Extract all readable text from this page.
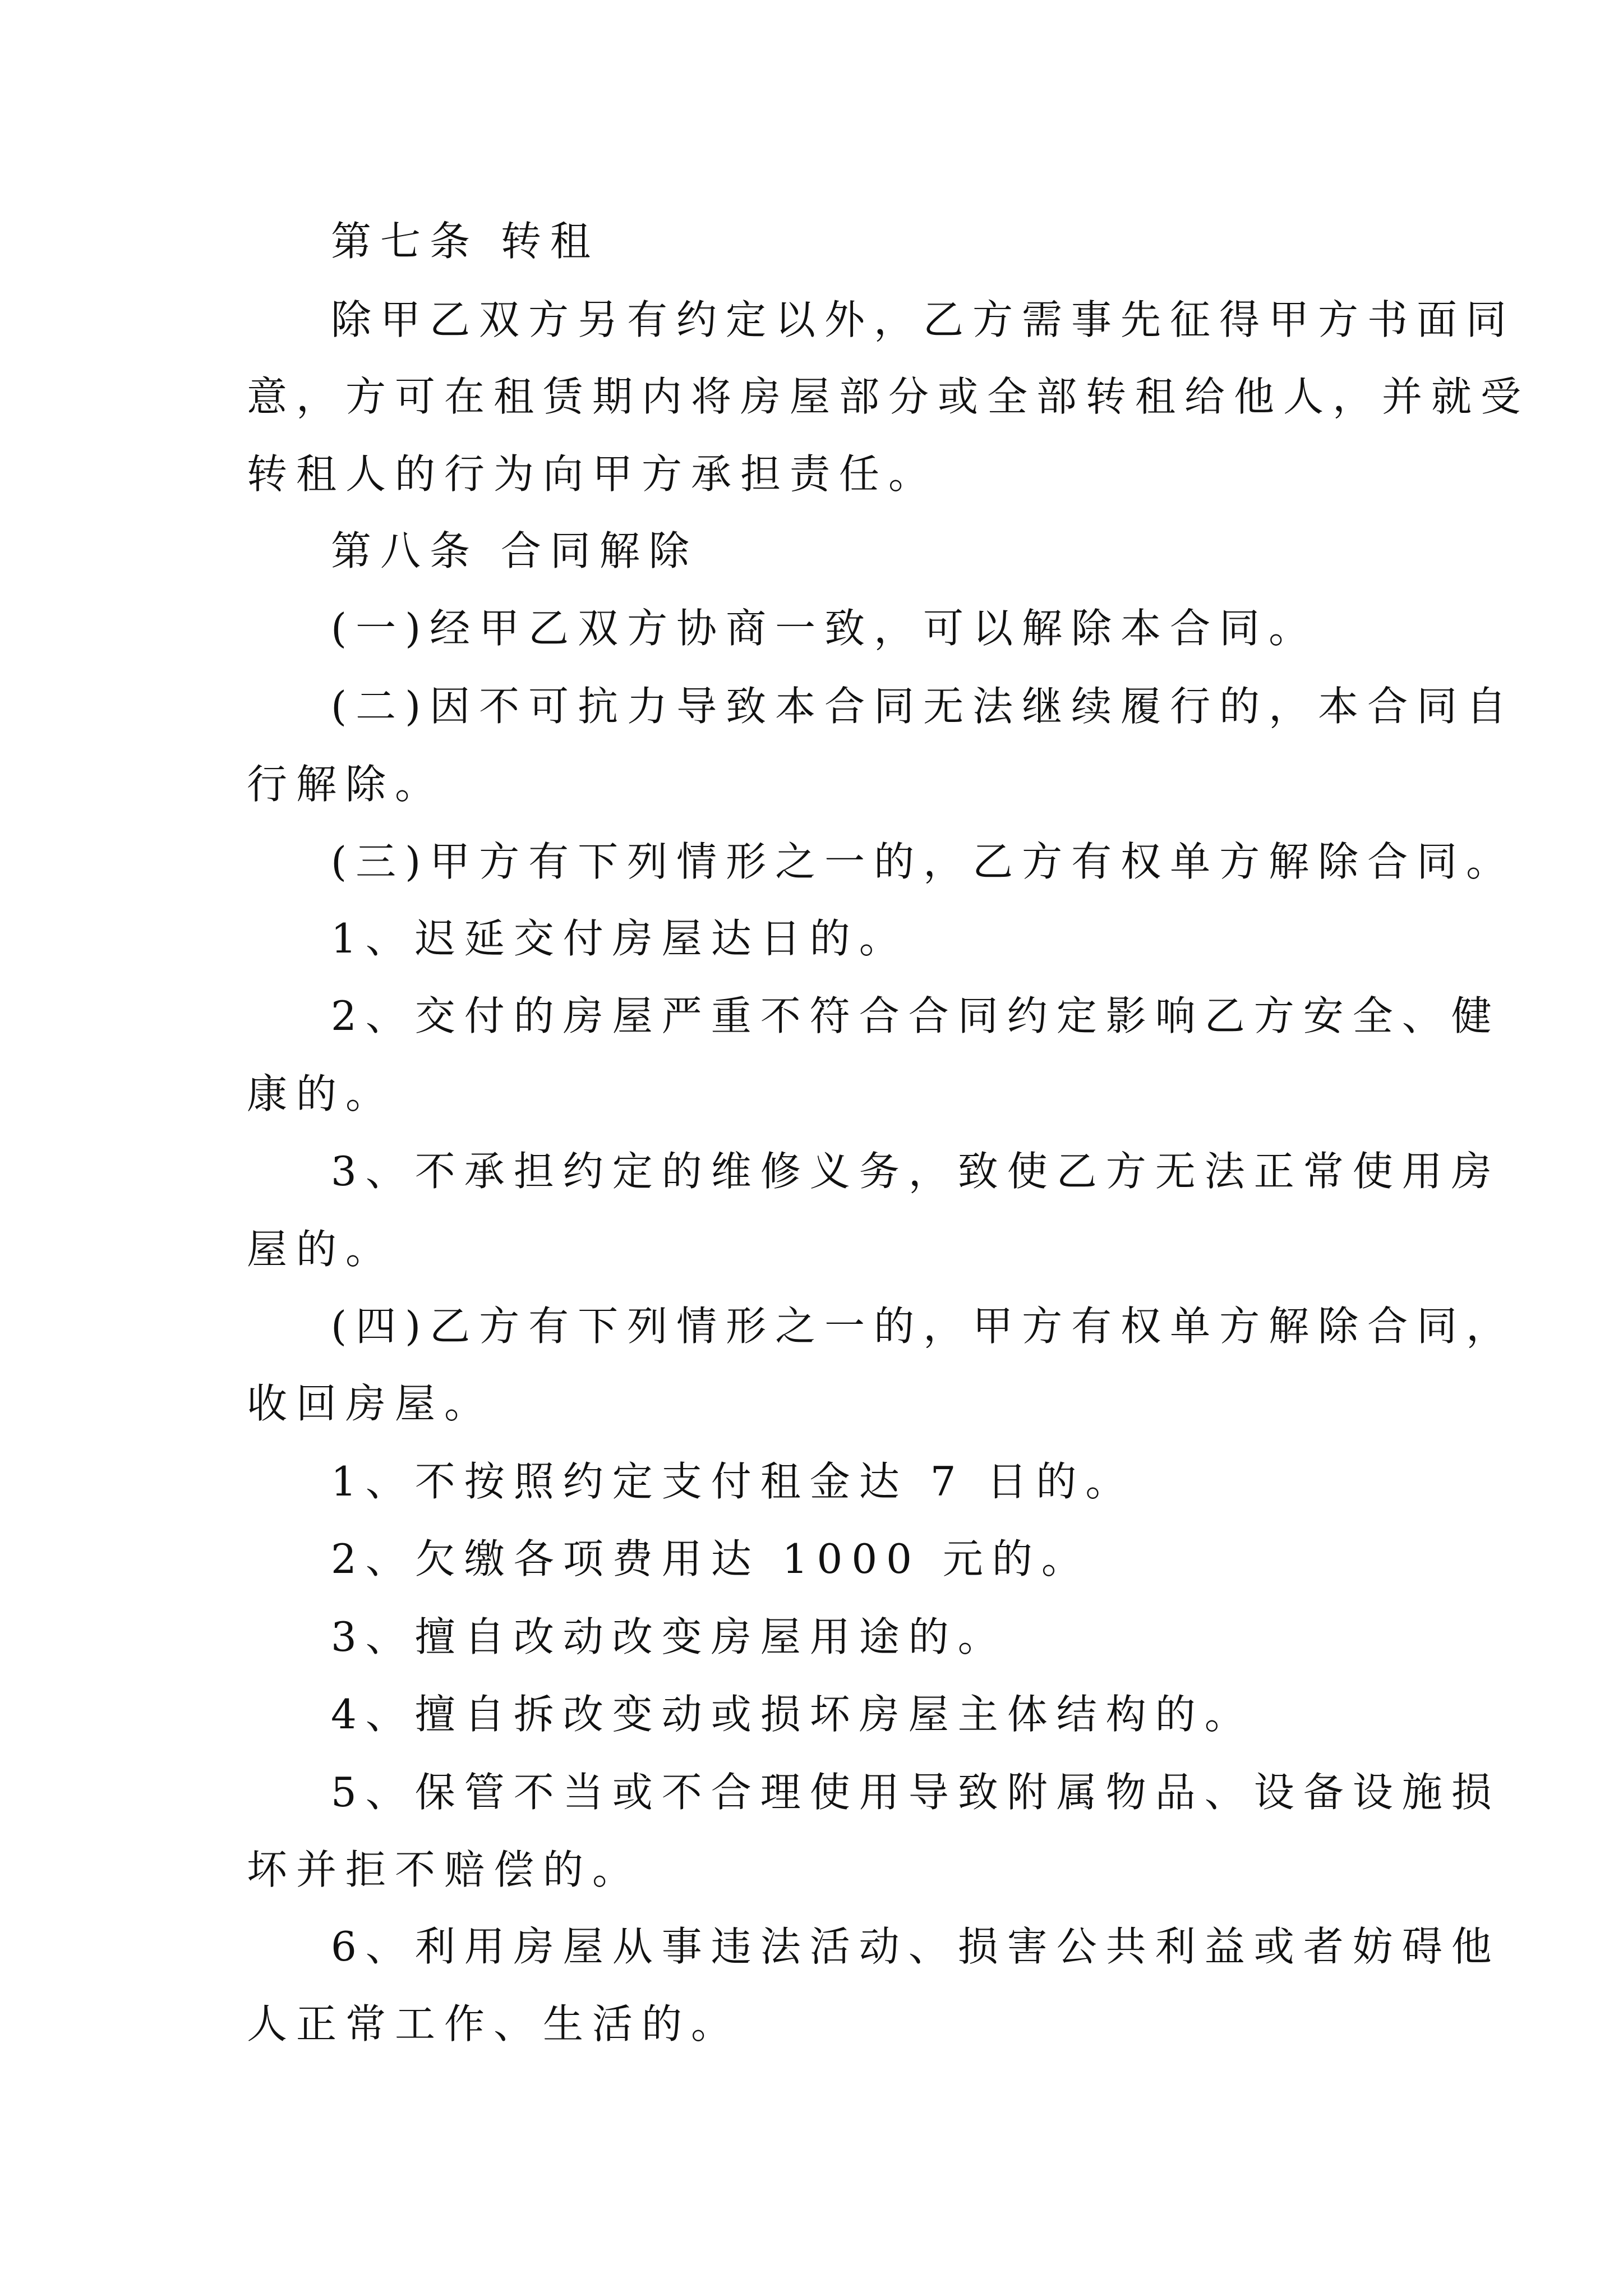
第七条 转租
除甲乙双方另有约定以外，乙方需事先征得甲方书面同
意，方可在租赁期内将房屋部分或全部转租给他人，并就受
转租人的行为向甲方承担责任。
第八条 合同解除
(一)经甲乙双方协商一致，可以解除本合同。
(二)因不可抗力导致本合同无法继续履行的，本合同自
行解除。
(三)甲方有下列情形之一的，乙方有权单方解除合同。
1、迟延交付房屋达日的。
2、交付的房屋严重不符合合同约定影响乙方安全、健
康的。
3、不承担约定的维修义务，致使乙方无法正常使用房
屋的。
(四)乙方有下列情形之一的，甲方有权单方解除合同，
收回房屋。
1、不按照约定支付租金达 7 日的。
2、欠缴各项费用达 1000 元的。
3、擅自改动改变房屋用途的。
4、擅自拆改变动或损坏房屋主体结构的。
5、保管不当或不合理使用导致附属物品、设备设施损
坏并拒不赔偿的。
6、利用房屋从事违法活动、损害公共利益或者妨碍他
人正常工作、生活的。
